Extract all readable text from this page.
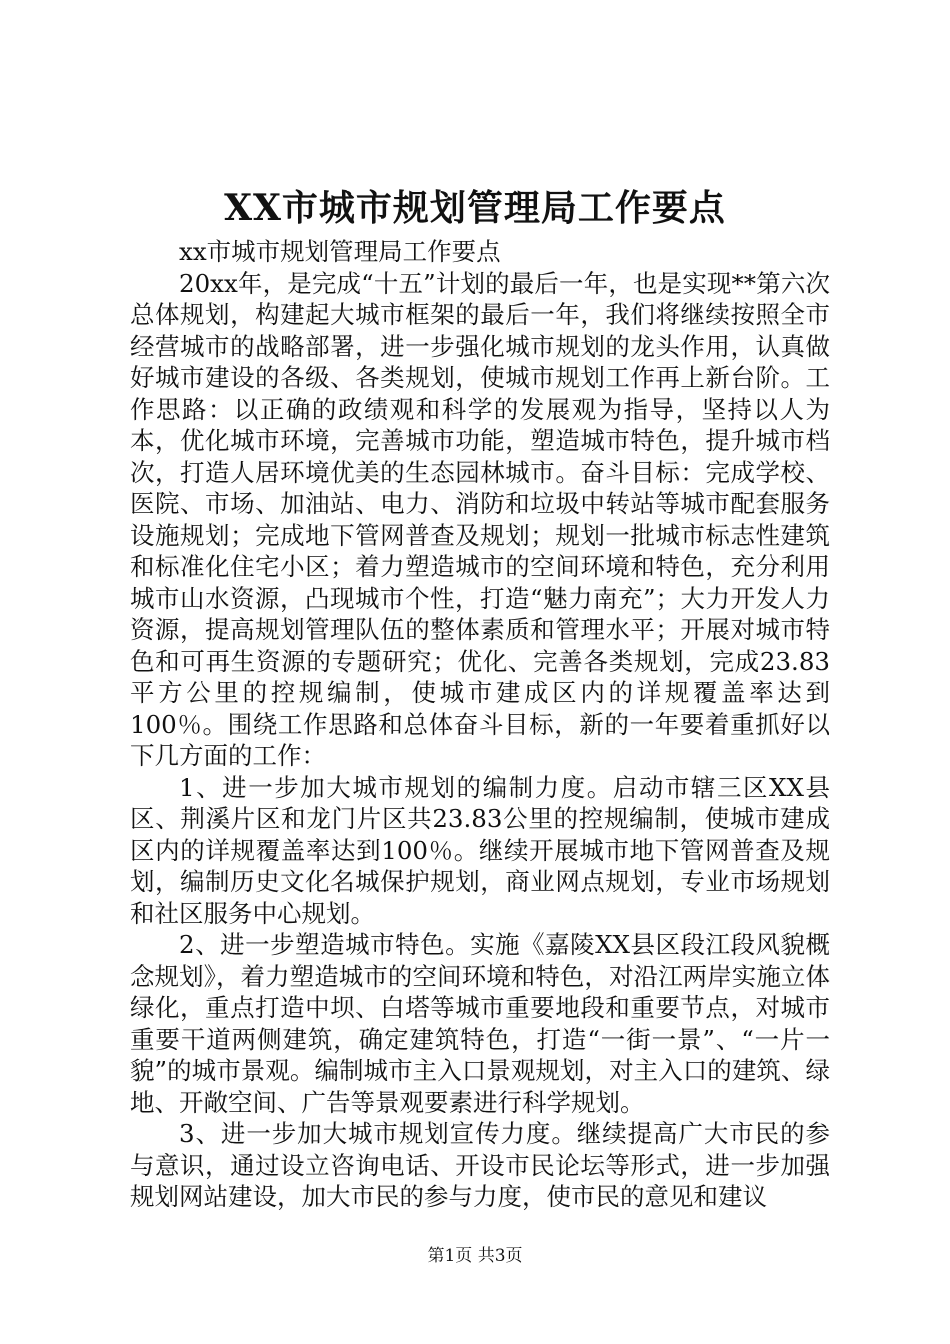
XX市城市规划管理局工作要点

xx市城市规划管理局工作要点

20xx年，是完成“十五”计划的最后一年，也是实现**第六次总体规划，构建起大城市框架的最后一年，我们将继续按照全市经营城市的战略部署，进一步强化城市规划的龙头作用，认真做好城市建设的各级、各类规划，使城市规划工作再上新台阶。工作思路：以正确的政绩观和科学的发展观为指导，坚持以人为本，优化城市环境，完善城市功能，塑造城市特色，提升城市档次，打造人居环境优美的生态园林城市。奋斗目标：完成学校、医院、市场、加油站、电力、消防和垃圾中转站等城市配套服务设施规划；完成地下管网普查及规划；规划一批城市标志性建筑和标准化住宅小区；着力塑造城市的空间环境和特色，充分利用城市山水资源，凸现城市个性，打造“魅力南充”；大力开发人力资源，提高规划管理队伍的整体素质和管理水平；开展对城市特色和可再生资源的专题研究；优化、完善各类规划，完成23.83平方公里的控规编制，使城市建成区内的详规覆盖率达到100％。围绕工作思路和总体奋斗目标，新的一年要着重抓好以下几方面的工作：

1、进一步加大城市规划的编制力度。启动市辖三区XX县区、荆溪片区和龙门片区共23.83公里的控规编制，使城市建成区内的详规覆盖率达到100％。继续开展城市地下管网普查及规划，编制历史文化名城保护规划，商业网点规划，专业市场规划和社区服务中心规划。

2、进一步塑造城市特色。实施《嘉陵XX县区段江段风貌概念规划》，着力塑造城市的空间环境和特色，对沿江两岸实施立体绿化，重点打造中坝、白塔等城市重要地段和重要节点，对城市重要干道两侧建筑，确定建筑特色，打造“一街一景”、“一片一貌”的城市景观。编制城市主入口景观规划，对主入口的建筑、绿地、开敞空间、广告等景观要素进行科学规划。

3、进一步加大城市规划宣传力度。继续提高广大市民的参与意识，通过设立咨询电话、开设市民论坛等形式，进一步加强规划网站建设，加大市民的参与力度，使市民的意见和建议

第1页 共3页
